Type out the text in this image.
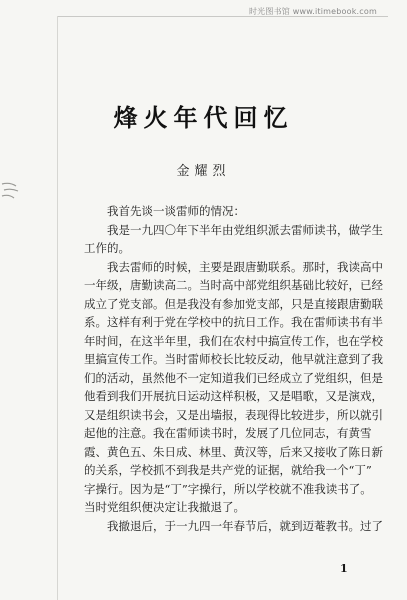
时光图书馆 www.itimebook.com
烽火年代回忆
金耀烈
　　我首先谈一谈雷师的情况：
　　我是一九四〇年下半年由党组织派去雷师读书，做学生
工作的。
　　我去雷师的时候，主要是跟唐勤联系。那时，我读高中
一年级，唐勤读高二。当时高中部党组织基础比较好，已经
成立了党支部。但是我没有参加党支部，只是直接跟唐勤联
系。这样有利于党在学校中的抗日工作。我在雷师读书有半
年时间，在这半年里，我们在农村中搞宣传工作，也在学校
里搞宣传工作。当时雷师校长比较反动，他早就注意到了我
们的活动，虽然他不一定知道我们已经成立了党组织，但是
他看到我们开展抗日运动这样积极，又是唱歌，又是演戏，
又是组织读书会，又是出墙报，表现得比较进步，所以就引
起他的注意。我在雷师读书时，发展了几位同志，有黄雪
霞、黄色五、朱日成、林里、黄汉等，后来又接收了陈日新
的关系，学校抓不到我是共产党的证据，就给我一个“丁”
字操行。因为是“丁”字操行，所以学校就不准我读书了。
当时党组织便决定让我撤退了。
　　我撤退后，于一九四一年春节后，就到迈菴教书。过了
1
